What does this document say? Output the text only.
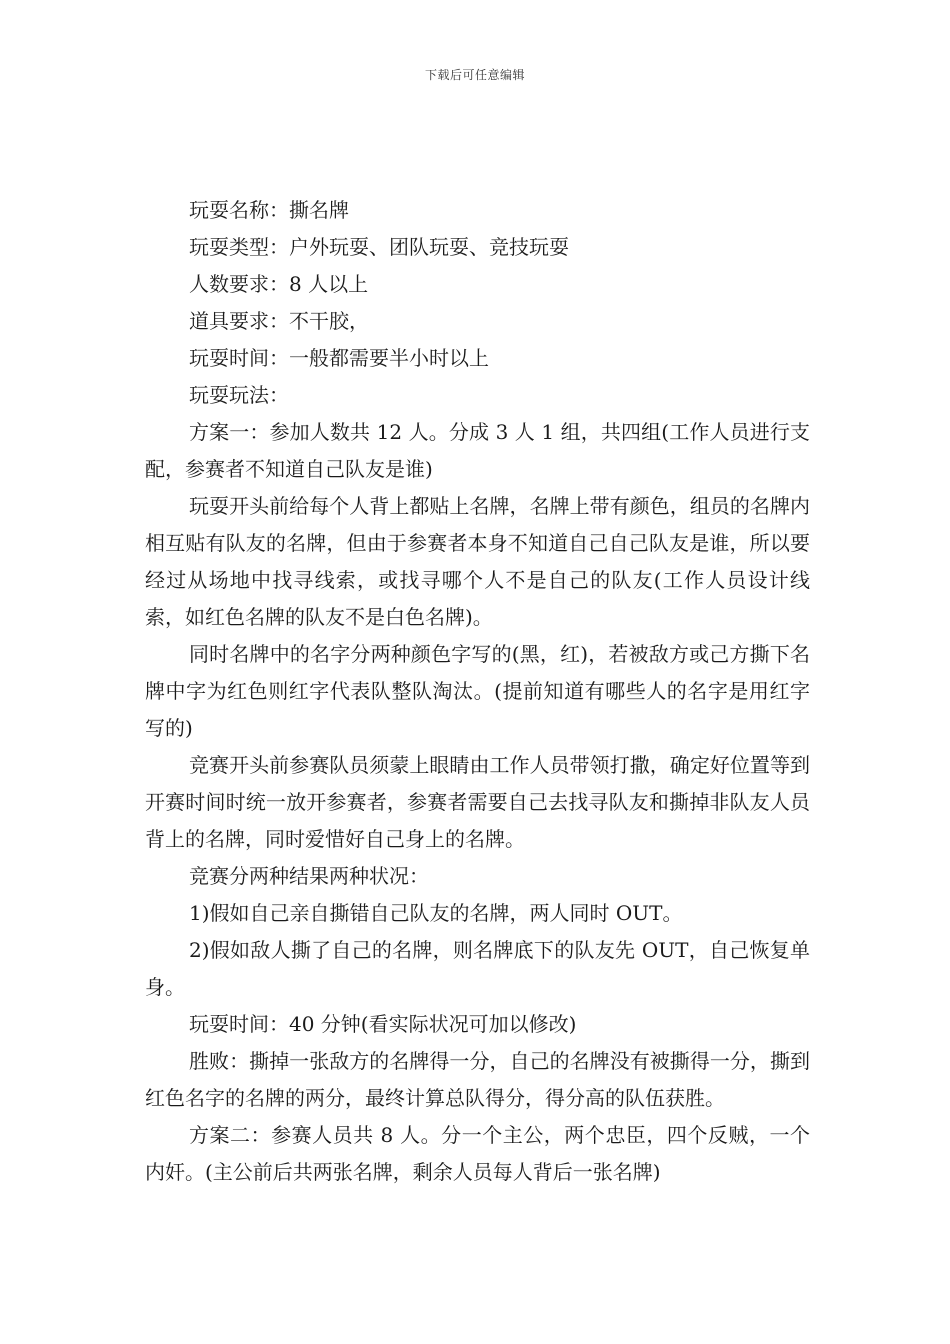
下载后可任意编辑

玩耍名称：撕名牌

玩耍类型：户外玩耍、团队玩耍、竞技玩耍

人数要求：8 人以上

道具要求：不干胶，

玩耍时间：一般都需要半小时以上

玩耍玩法：

方案一：参加人数共 12 人。分成 3 人 1 组，共四组(工作人员进行支配，参赛者不知道自己队友是谁)

玩耍开头前给每个人背上都贴上名牌，名牌上带有颜色，组员的名牌内相互贴有队友的名牌，但由于参赛者本身不知道自己自己队友是谁，所以要经过从场地中找寻线索，或找寻哪个人不是自己的队友(工作人员设计线索，如红色名牌的队友不是白色名牌)。

同时名牌中的名字分两种颜色字写的(黑，红)，若被敌方或己方撕下名牌中字为红色则红字代表队整队淘汰。(提前知道有哪些人的名字是用红字写的)

竞赛开头前参赛队员须蒙上眼睛由工作人员带领打撒，确定好位置等到开赛时间时统一放开参赛者，参赛者需要自己去找寻队友和撕掉非队友人员背上的名牌，同时爱惜好自己身上的名牌。

竞赛分两种结果两种状况：

1)假如自己亲自撕错自己队友的名牌，两人同时 OUT。

2)假如敌人撕了自己的名牌，则名牌底下的队友先 OUT，自己恢复单身。

玩耍时间：40 分钟(看实际状况可加以修改)

胜败：撕掉一张敌方的名牌得一分，自己的名牌没有被撕得一分，撕到红色名字的名牌的两分，最终计算总队得分，得分高的队伍获胜。

方案二：参赛人员共 8 人。分一个主公，两个忠臣，四个反贼，一个内奸。(主公前后共两张名牌，剩余人员每人背后一张名牌)
